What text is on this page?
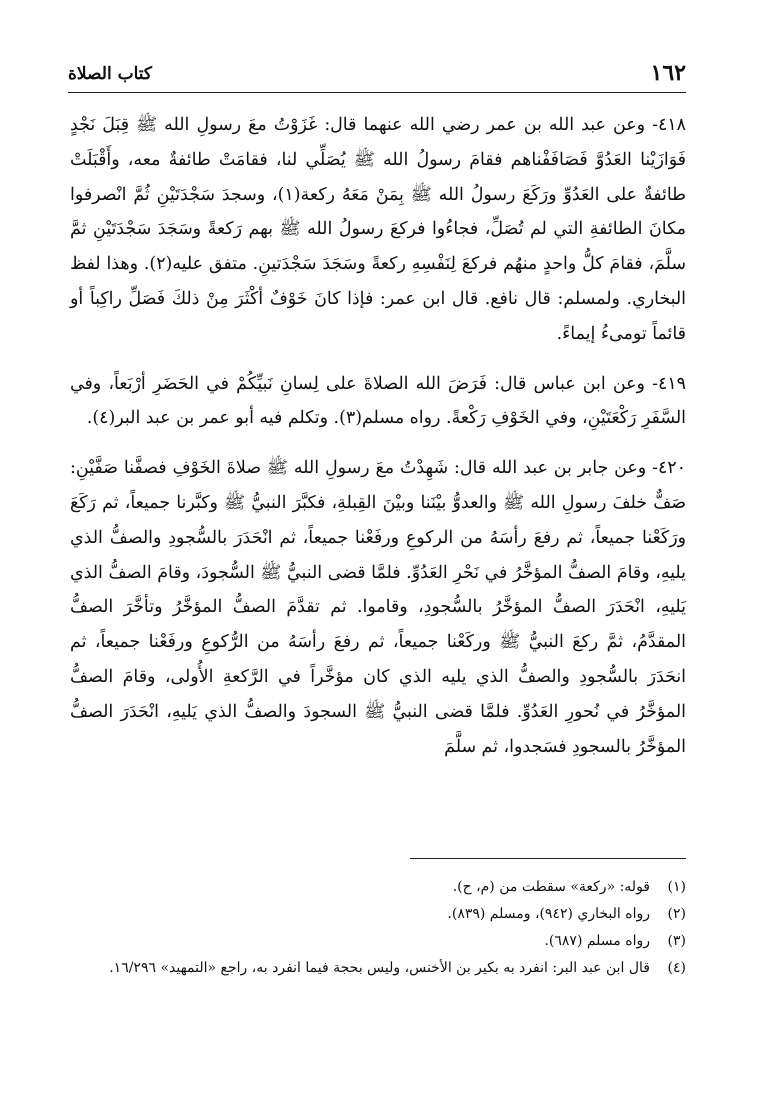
١٦٢
كتاب الصلاة

٤١٨- وعن عبد الله بن عمر رضي الله عنهما قال: غَزَوْتُ معَ رسولِ الله ﷺ قِبَلَ نَجْدٍ فَوَازَيْنا العَدُوَّ فَصَافَفْناهم فقامَ رسولُ الله ﷺ يُصَلِّي لنا، فقامَتْ طائفةٌ معه، وأَقْبَلَتْ طائفةٌ على العَدُوِّ ورَكَعَ رسولُ الله ﷺ بِمَنْ مَعَهُ ركعة(١)، وسجدَ سَجْدَتَيْنِ ثُمَّ انْصرفوا مكانَ الطائفةِ التي لم تُصَلِّ، فجاءُوا فركعَ رسولُ الله ﷺ بهم رَكعةً وسَجَدَ سَجْدَتَيْنِ ثمَّ سلَّمَ، فقامَ كلُّ واحدٍ منهُم فركعَ لِنَفْسِهِ ركعةً وسَجَدَ سَجْدَتينِ. متفق عليه(٢). وهذا لفظ البخاري. ولمسلم: قال نافع. قال ابن عمر: فإذا كانَ خَوْفٌ أكْثَرَ مِنْ ذلكَ فَصَلِّ راكِباً أو قائماً تومىءُ إيماءً.

٤١٩- وعن ابن عباس قال: فَرَضَ الله الصلاةَ على لِسانِ نَبيِّكُمْ في الحَضَرِ أرْبَعاً، وفي السَّفَرِ رَكْعَتَيْنِ، وفي الخَوْفِ رَكْعةً. رواه مسلم(٣). وتكلم فيه أبو عمر بن عبد البر(٤).

٤٢٠- وعن جابر بن عبد الله قال: شَهِدْتُ معَ رسولِ الله ﷺ صلاةَ الخَوْفِ فصفَّنا صَفَّيْنِ: صَفٌّ خلفَ رسولِ الله ﷺ والعدوُّ بيْنَنا وبيْنَ القِبلةِ، فكبَّرَ النبيُّ ﷺ وكبَّرنا جميعاً، ثم رَكَعَ ورَكَعْنا جميعاً، ثم رفعَ رأسَهُ من الركوعِ ورفَعْنا جميعاً، ثم انْحَدَرَ بالسُّجودِ والصفُّ الذي يليهِ، وقامَ الصفُّ المؤخَّرُ في نَحْرِ العَدُوِّ. فلمَّا قضى النبيُّ ﷺ السُّجودَ، وقامَ الصفُّ الذي يَليهِ، انْحَدَرَ الصفُّ المؤخَّرُ بالسُّجودِ، وقاموا. ثم تقدَّمَ الصفُّ المؤخَّرُ وتأخَّرَ الصفُّ المقدَّمُ، ثمَّ ركعَ النبيُّ ﷺ وركَعْنا جميعاً، ثم رفعَ رأسَهُ من الرُّكوعِ ورفَعْنا جميعاً، ثم انحَدَرَ بالسُّجودِ والصفُّ الذي يليه الذي كان مؤخَّراً في الرَّكعةِ الأُولى، وقامَ الصفُّ المؤخَّرُ في نُحورِ العَدُوِّ. فلمَّا قضى النبيُّ ﷺ السجودَ والصفُّ الذي يَليهِ، انْحَدَرَ الصفُّ المؤخَّرُ بالسجودِ فسَجدوا، ثم سلَّمَ

(١)
قوله: «ركعة» سقطت من (م، ح).
(٢)
رواه البخاري (٩٤٢)، ومسلم (٨٣٩).
(٣)
رواه مسلم (٦٨٧).
(٤)
قال ابن عبد البر: انفرد به بكير بن الأخنس، وليس بحجة فيما انفرد به، راجع «التمهيد» ١٦/٢٩٦.
